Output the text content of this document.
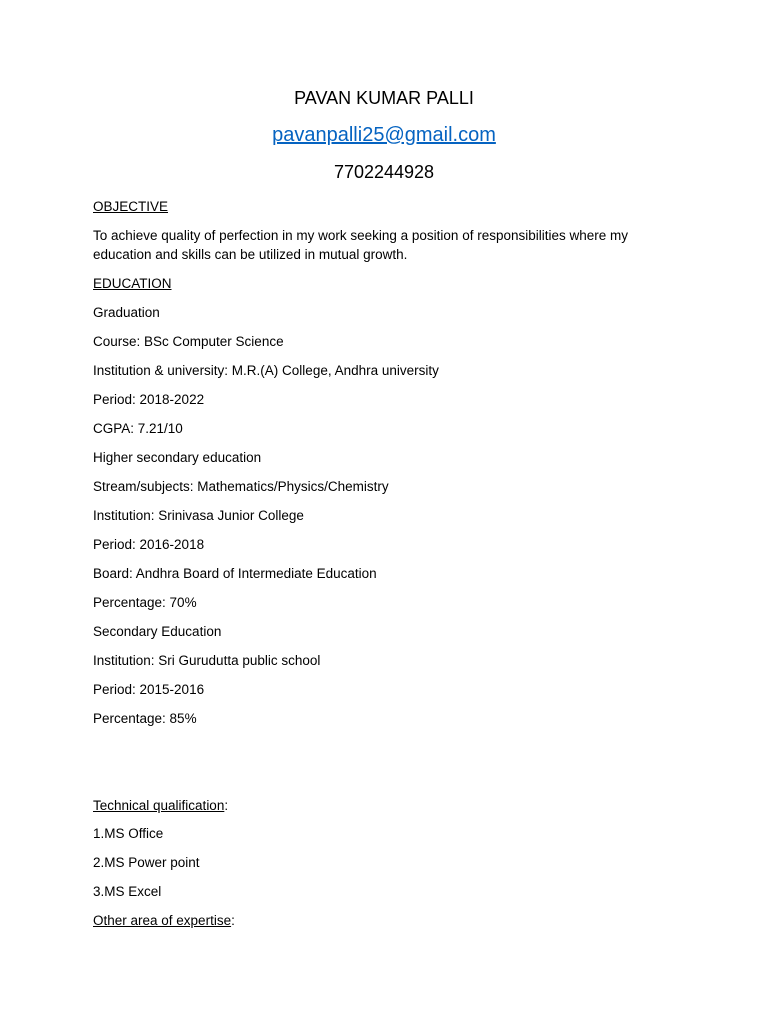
PAVAN KUMAR PALLI
pavanpalli25@gmail.com
7702244928
OBJECTIVE
To achieve quality of perfection in my work seeking a position of responsibilities where my education and skills can be utilized in mutual growth.
EDUCATION
Graduation
Course: BSc Computer Science
Institution & university: M.R.(A) College, Andhra university
Period: 2018-2022
CGPA: 7.21/10
Higher secondary education
Stream/subjects: Mathematics/Physics/Chemistry
Institution: Srinivasa Junior College
Period: 2016-2018
Board: Andhra Board of Intermediate Education
Percentage: 70%
Secondary Education
Institution: Sri Gurudutta public school
Period: 2015-2016
Percentage: 85%
Technical qualification:
1.MS Office
2.MS Power point
3.MS Excel
Other area of expertise:
